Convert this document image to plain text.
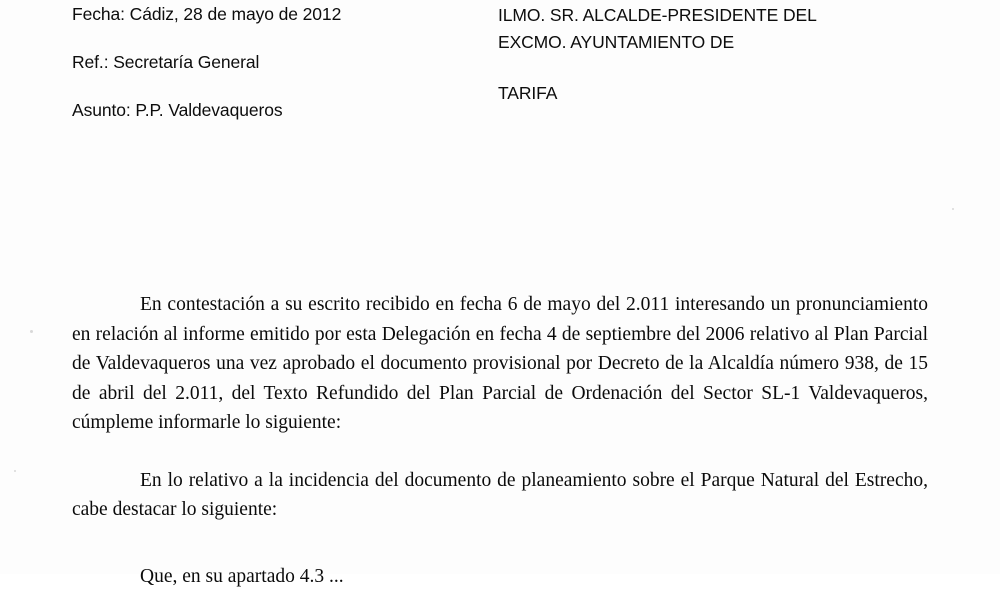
Fecha: Cádiz, 28 de mayo de 2012
Ref.: Secretaría General
Asunto: P.P. Valdevaqueros
ILMO. SR. ALCALDE-PRESIDENTE DEL
EXCMO. AYUNTAMIENTO DE
TARIFA

En contestación a su escrito recibido en fecha 6 de mayo del 2.011 interesando un pronunciamiento en relación al informe emitido por esta Delegación en fecha 4 de septiembre del 2006 relativo al Plan Parcial de Valdevaqueros una vez aprobado el documento provisional por Decreto de la Alcaldía número 938, de 15 de abril del 2.011, del Texto Refundido del Plan Parcial de Ordenación del Sector SL-1 Valdevaqueros, cúmpleme informarle lo siguiente:

En lo relativo a la incidencia del documento de planeamiento sobre el Parque Natural del Estrecho, cabe destacar lo siguiente:

Que, en su apartado 4.3 ...
